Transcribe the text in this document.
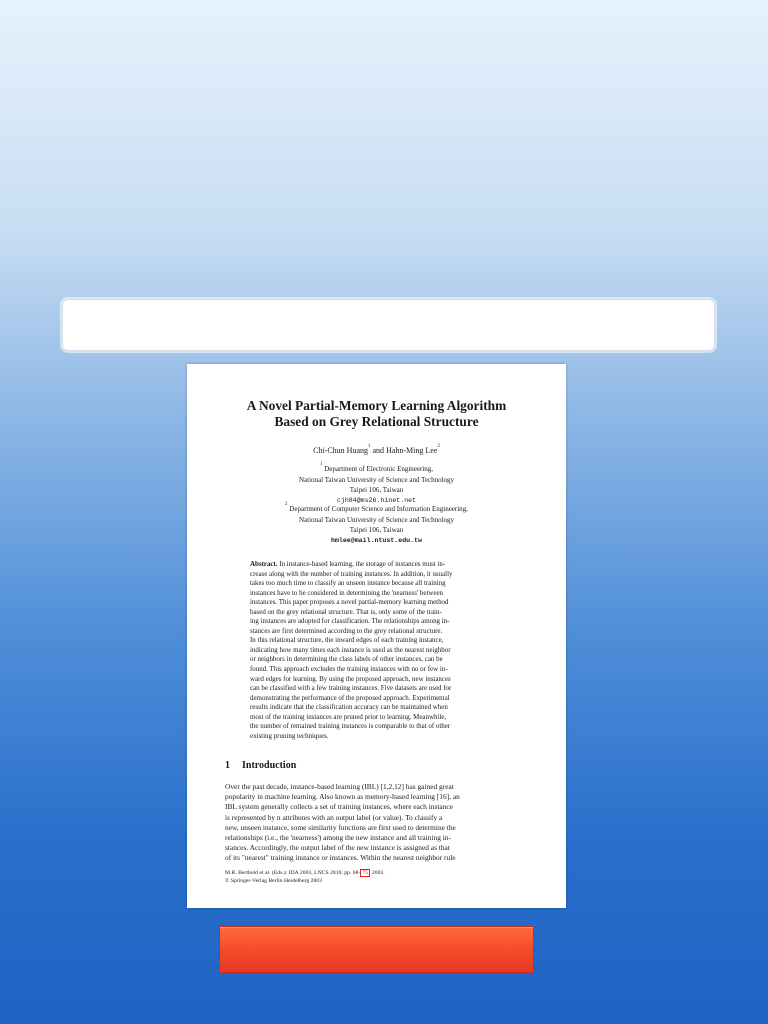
A Novel Partial-Memory Learning Algorithm
Based on Grey Relational Structure
Chi-Chun Huang$^1$ and Hahn-Ming Lee$^2$
$^1$ Department of Electronic Engineering,
National Taiwan University of Science and Technology
Taipei 106, Taiwan
cjh84@ms26.hinet.net
$^2$ Department of Computer Science and Information Engineering,
National Taiwan University of Science and Technology
Taipei 106, Taiwan
hmlee@mail.ntust.edu.tw
Abstract. In instance-based learning, the storage of instances must in-
crease along with the number of training instances. In addition, it usually
takes too much time to classify an unseen instance because all training
instances have to be considered in determining the 'nearness' between
instances. This paper proposes a novel partial-memory learning method
based on the grey relational structure. That is, only some of the train-
ing instances are adopted for classification. The relationships among in-
stances are first determined according to the grey relational structure.
In this relational structure, the inward edges of each training instance,
indicating how many times each instance is used as the nearest neighbor
or neighbors in determining the class labels of other instances, can be
found. This approach excludes the training instances with no or few in-
ward edges for learning. By using the proposed approach, new instances
can be classified with a few training instances. Five datasets are used for
demonstrating the performance of the proposed approach. Experimental
results indicate that the classification accuracy can be maintained when
most of the training instances are pruned prior to learning. Meanwhile,
the number of remained training instances is comparable to that of other
existing pruning techniques.
1 Introduction
Over the past decade, instance-based learning (IBL) [1,2,12] has gained great
popularity in machine learning. Also known as memory-based learning [16], an
IBL system generally collects a set of training instances, where each instance
is represented by n attributes with an output label (or value). To classify a
new, unseen instance, some similarity functions are first used to determine the
relationships (i.e., the 'nearness') among the new instance and all training in-
stances. Accordingly, the output label of the new instance is assigned as that
of its "nearest" training instance or instances. Within the nearest neighbor rule
M.R. Berthold et al. (Eds.): IDA 2003, LNCS 2810, pp. 68–75, 2003.
© Springer-Verlag Berlin Heidelberg 2003
